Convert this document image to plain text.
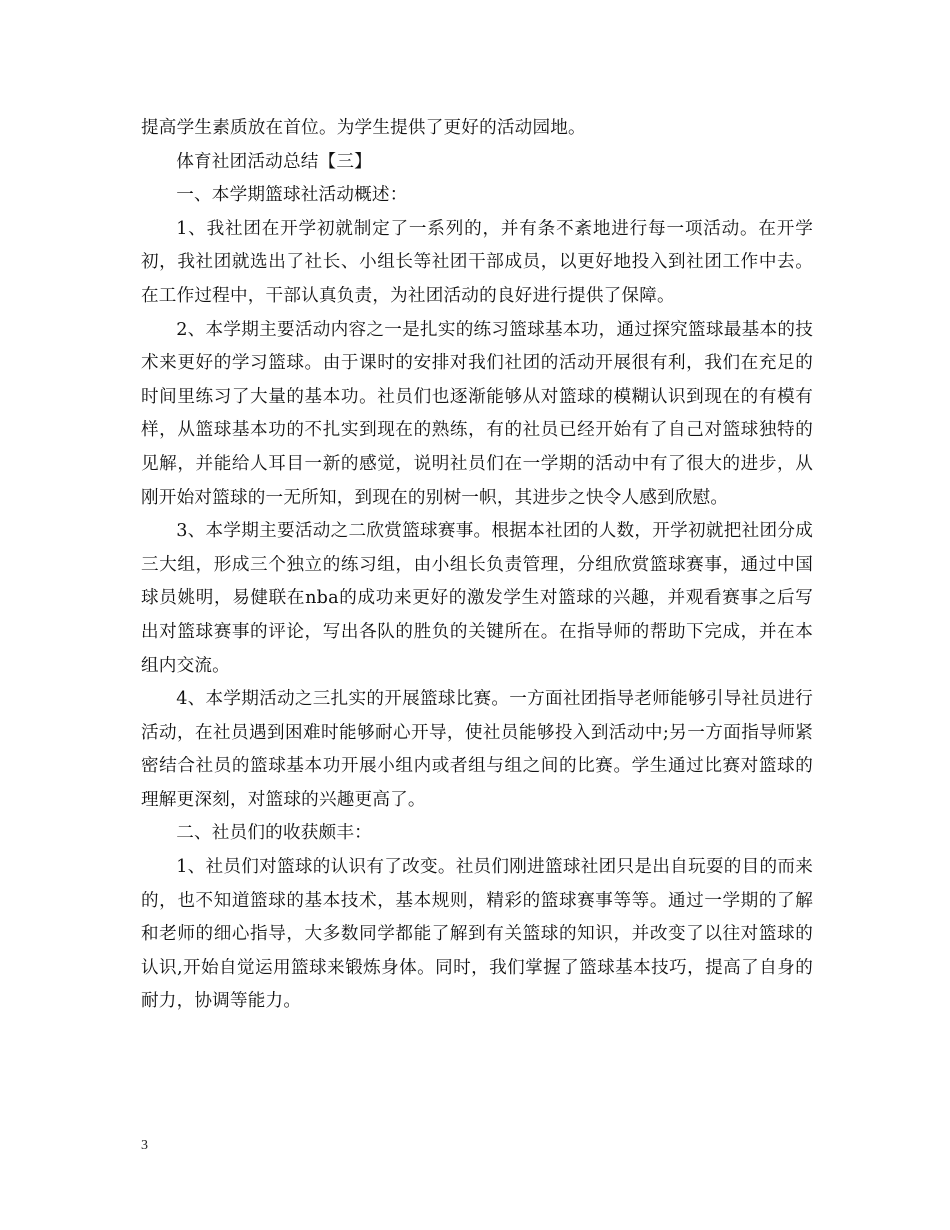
提高学生素质放在首位。为学生提供了更好的活动园地。

体育社团活动总结【三】

一、本学期篮球社活动概述：

1、我社团在开学初就制定了一系列的，并有条不紊地进行每一项活动。在开学初，我社团就选出了社长、小组长等社团干部成员，以更好地投入到社团工作中去。在工作过程中，干部认真负责，为社团活动的良好进行提供了保障。

2、本学期主要活动内容之一是扎实的练习篮球基本功，通过探究篮球最基本的技术来更好的学习篮球。由于课时的安排对我们社团的活动开展很有利，我们在充足的时间里练习了大量的基本功。社员们也逐渐能够从对篮球的模糊认识到现在的有模有样，从篮球基本功的不扎实到现在的熟练，有的社员已经开始有了自己对篮球独特的见解，并能给人耳目一新的感觉，说明社员们在一学期的活动中有了很大的进步，从刚开始对篮球的一无所知，到现在的别树一帜，其进步之快令人感到欣慰。

3、本学期主要活动之二欣赏篮球赛事。根据本社团的人数，开学初就把社团分成三大组，形成三个独立的练习组，由小组长负责管理，分组欣赏篮球赛事，通过中国球员姚明，易健联在nba的成功来更好的激发学生对篮球的兴趣，并观看赛事之后写出对篮球赛事的评论，写出各队的胜负的关键所在。在指导师的帮助下完成，并在本组内交流。

4、本学期活动之三扎实的开展篮球比赛。一方面社团指导老师能够引导社员进行活动，在社员遇到困难时能够耐心开导，使社员能够投入到活动中;另一方面指导师紧密结合社员的篮球基本功开展小组内或者组与组之间的比赛。学生通过比赛对篮球的理解更深刻，对篮球的兴趣更高了。

二、社员们的收获颇丰：

1、社员们对篮球的认识有了改变。社员们刚进篮球社团只是出自玩耍的目的而来的，也不知道篮球的基本技术，基本规则，精彩的篮球赛事等等。通过一学期的了解和老师的细心指导，大多数同学都能了解到有关篮球的知识，并改变了以往对篮球的认识,开始自觉运用篮球来锻炼身体。同时，我们掌握了篮球基本技巧，提高了自身的耐力，协调等能力。

3
